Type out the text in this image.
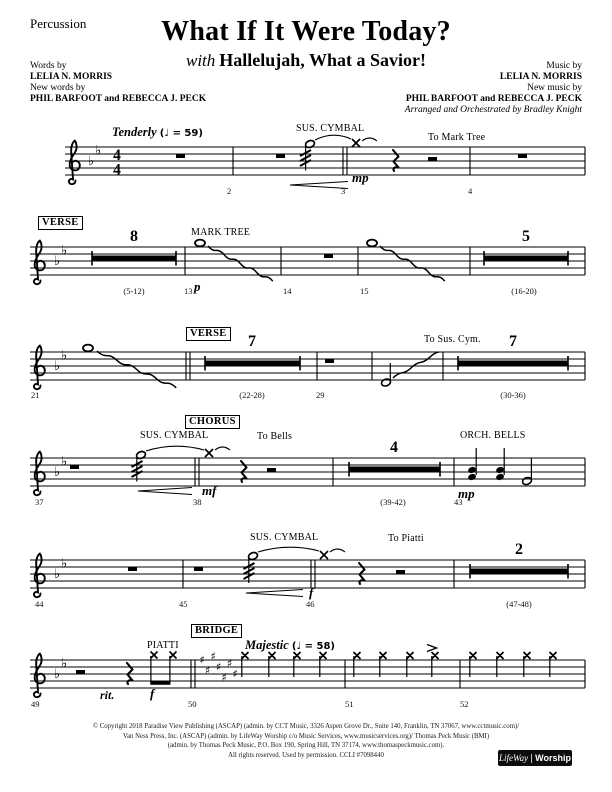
♭
♭ 4
4
♭
♭
♭
♭
♭
♭
♭
♭
♭
♭	♯
♯
♯
♯
♯
♯
♯
Percussion	What If It Were Today?
with Hallelujah, What a Savior!
Words by
LELIA N. MORRIS
New words by
PHIL BARFOOT and REBECCA J. PECK
Music by
LELIA N. MORRIS
New music by
PHIL BARFOOT and REBECCA J. PECK
Arranged and Orchestrated by Bradley Knight
Tenderly (♩ = 59)	SUS. CYMBAL
To Mark Tree
mp
2	3	4
VERSE
MARK TREE
8	5
p
(5-12)	13	14	15	(16-20)
VERSE
To Sus. Cym.
7	7
21	(22-28)	29	(30-36)
CHORUS
SUS. CYMBAL	To Bells	ORCH. BELLS
4
mf	mp
37	38	(39-42)	43
SUS. CYMBAL	To Piatti
2
f
44	45	46	(47-48)
BRIDGE
Majestic (♩ = 58)
PIATTI
rit.	f
49	50	51	52
© Copyright 2018 Paradise View Publishing (ASCAP) (admin. by CCT Music, 3326 Aspen Grove Dr., Suite 140, Franklin, TN 37067, www.cctmusic.com)/
Van Ness Press, Inc. (ASCAP) (admin. by LifeWay Worship c/o Music Services, www.musicservices.org)/ Thomas Peck Music (BMI)
(admin. by Thomas Peck Music, P.O. Box 190, Spring Hill, TN 37174, www.thomaspeckmusic.com).
All rights reserved. Used by permission. CCLI #7098440	LifeWay Worship
